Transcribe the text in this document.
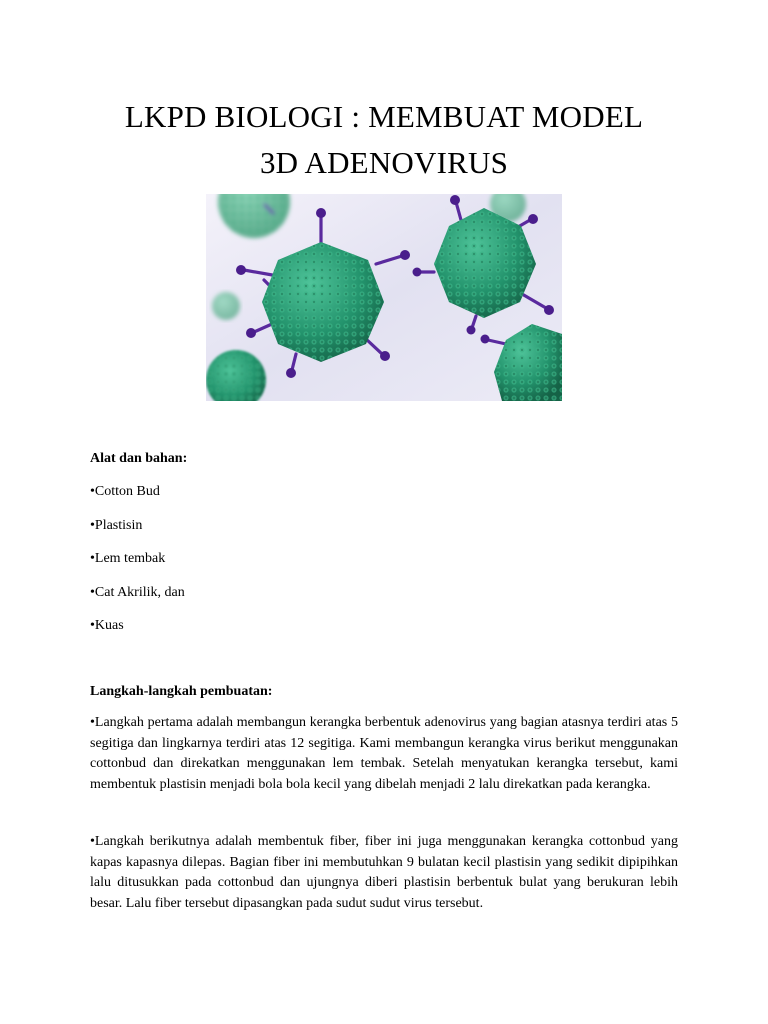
LKPD BIOLOGI : MEMBUAT MODEL
3D ADENOVIRUS
Alat dan bahan:
•Cotton Bud
•Plastisin
•Lem tembak
•Cat Akrilik, dan
•Kuas
Langkah-langkah pembuatan:

•Langkah pertama adalah membangun kerangka berbentuk adenovirus yang bagian atasnya terdiri atas 5 segitiga dan lingkarnya terdiri atas 12 segitiga. Kami membangun kerangka virus berikut menggunakan cottonbud dan direkatkan menggunakan lem tembak. Setelah menyatukan kerangka tersebut, kami membentuk plastisin menjadi bola bola kecil yang dibelah menjadi 2 lalu direkatkan pada kerangka.

•Langkah berikutnya adalah membentuk fiber, fiber ini juga menggunakan kerangka cottonbud yang kapas kapasnya dilepas. Bagian fiber ini membutuhkan 9 bulatan kecil plastisin yang sedikit dipipihkan lalu ditusukkan pada cottonbud dan ujungnya diberi plastisin berbentuk bulat yang berukuran lebih besar. Lalu fiber tersebut dipasangkan pada sudut sudut virus tersebut.
